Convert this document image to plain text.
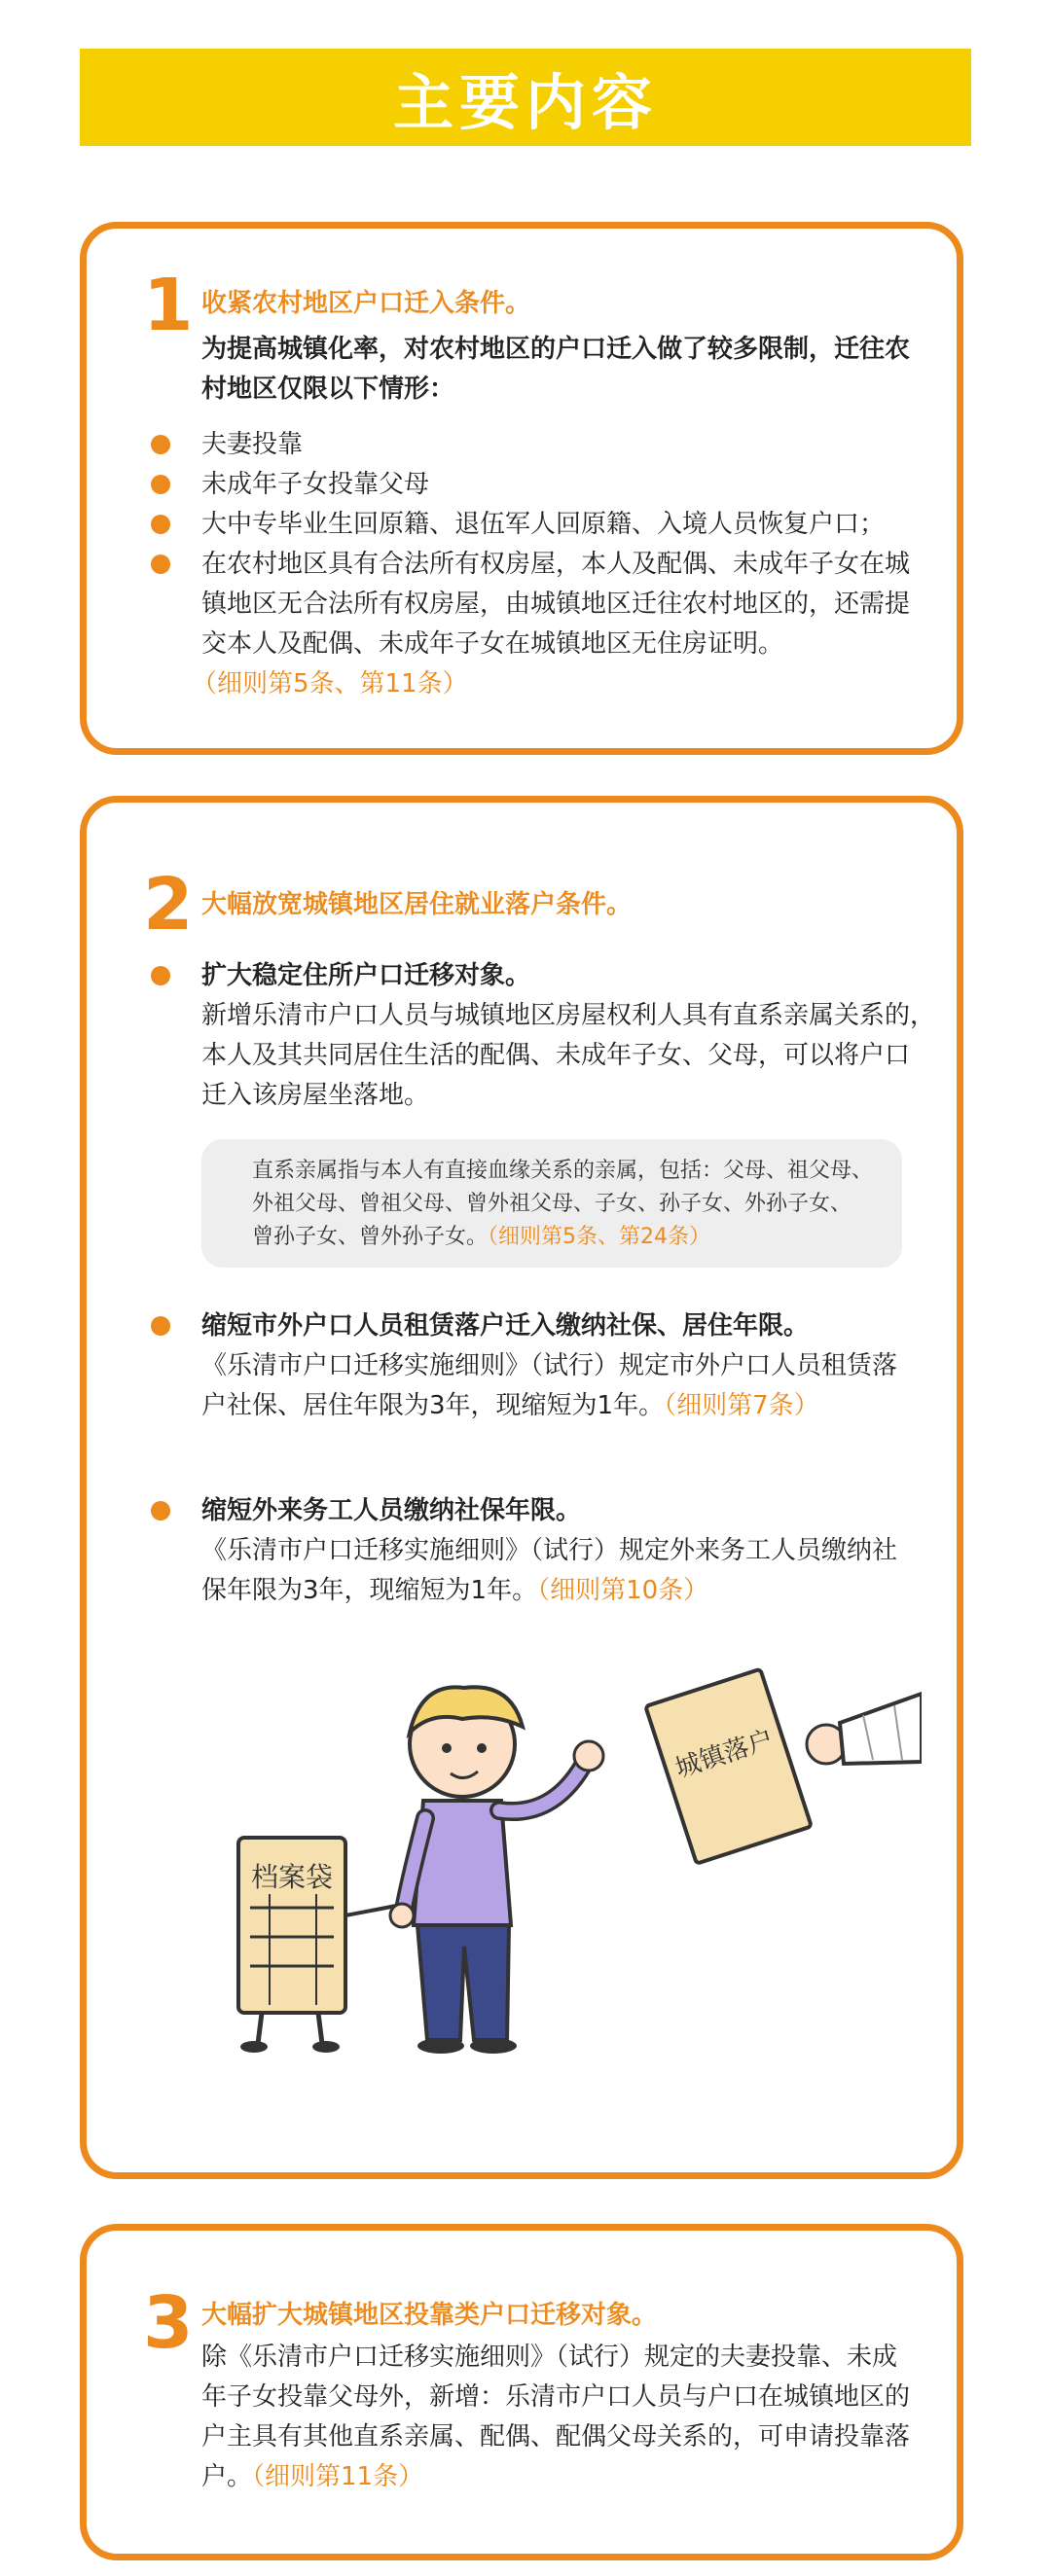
主要内容
1 收紧农村地区户口迁入条件。
为提高城镇化率，对农村地区的户口迁入做了较多限制，迁往农
村地区仅限以下情形：
夫妻投靠
未成年子女投靠父母
大中专毕业生回原籍、退伍军人回原籍、入境人员恢复户口；
在农村地区具有合法所有权房屋，本人及配偶、未成年子女在城
镇地区无合法所有权房屋，由城镇地区迁往农村地区的，还需提
交本人及配偶、未成年子女在城镇地区无住房证明。
（细则第5条、第11条）
2 大幅放宽城镇地区居住就业落户条件。
扩大稳定住所户口迁移对象。
新增乐清市户口人员与城镇地区房屋权利人具有直系亲属关系的，
本人及其共同居住生活的配偶、未成年子女、父母，可以将户口
迁入该房屋坐落地。
直系亲属指与本人有直接血缘关系的亲属，包括：父母、祖父母、
外祖父母、曾祖父母、曾外祖父母、子女、孙子女、外孙子女、
曾孙子女、曾外孙子女。（细则第5条、第24条）
缩短市外户口人员租赁落户迁入缴纳社保、居住年限。
《乐清市户口迁移实施细则》（试行）规定市外户口人员租赁落
户社保、居住年限为3年，现缩短为1年。（细则第7条）
缩短外来务工人员缴纳社保年限。
《乐清市户口迁移实施细则》（试行）规定外来务工人员缴纳社
保年限为3年，现缩短为1年。（细则第10条）
档案袋
城镇落户
3 大幅扩大城镇地区投靠类户口迁移对象。
除《乐清市户口迁移实施细则》（试行）规定的夫妻投靠、未成
年子女投靠父母外，新增：乐清市户口人员与户口在城镇地区的
户主具有其他直系亲属、配偶、配偶父母关系的，可申请投靠落
户。（细则第11条）
